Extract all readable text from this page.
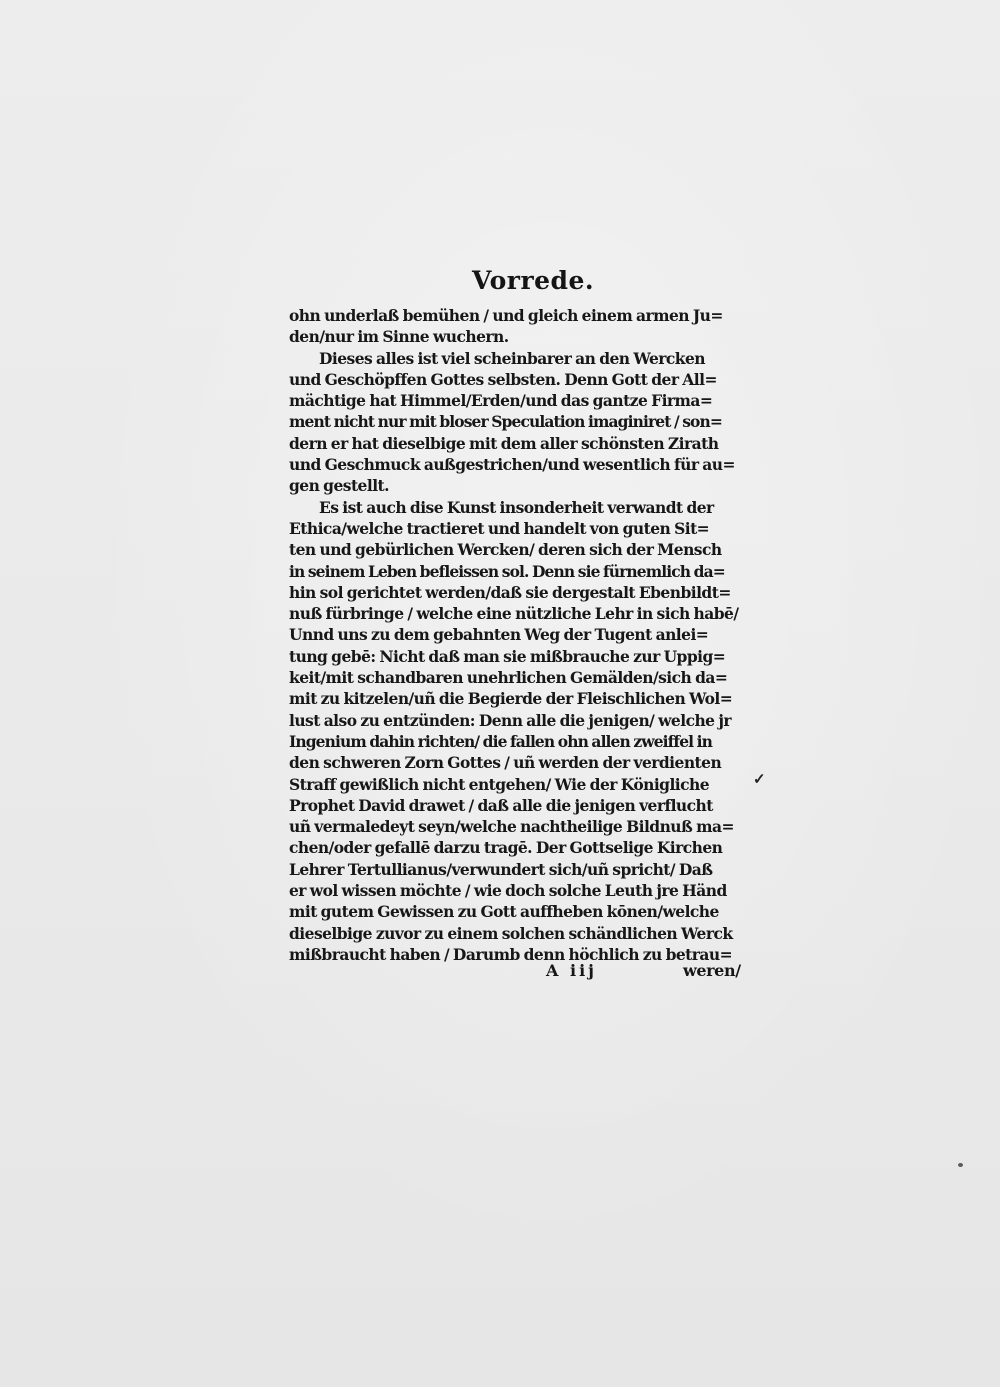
Vorrede.
ohn underlaß bemühen / und gleich einem armen Ju=
den/nur im Sinne wuchern.
Dieses alles ist viel scheinbarer an den Wercken
und Geschöpffen Gottes selbsten. Denn Gott der All=
mächtige hat Himmel/Erden/und das gantze Firma=
ment nicht nur mit bloser Speculation imaginiret / son=
dern er hat dieselbige mit dem aller schönsten Zirath
und Geschmuck außgestrichen/und wesentlich für au=
gen gestellt.
Es ist auch dise Kunst insonderheit verwandt der
Ethica/welche tractieret und handelt von guten Sit=
ten und gebürlichen Wercken/ deren sich der Mensch
in seinem Leben befleissen sol. Denn sie fürnemlich da=
hin sol gerichtet werden/daß sie dergestalt Ebenbildt=
nuß fürbringe / welche eine nützliche Lehr in sich habē/
Unnd uns zu dem gebahnten Weg der Tugent anlei=
tung gebē: Nicht daß man sie mißbrauche zur Uppig=
keit/mit schandbaren unehrlichen Gemälden/sich da=
mit zu kitzelen/uñ die Begierde der Fleischlichen Wol=
lust also zu entzünden: Denn alle die jenigen/ welche jr
Ingenium dahin richten/ die fallen ohn allen zweiffel in
den schweren Zorn Gottes / uñ werden der verdienten
Straff gewißlich nicht entgehen/ Wie der Königliche
Prophet David drawet / daß alle die jenigen verflucht
uñ vermaledeyt seyn/welche nachtheilige Bildnuß ma=
chen/oder gefallē darzu tragē. Der Gottselige Kirchen
Lehrer Tertullianus/verwundert sich/uñ spricht/ Daß
er wol wissen möchte / wie doch solche Leuth jre Händ
mit gutem Gewissen zu Gott auffheben kōnen/welche
dieselbige zuvor zu einem solchen schändlichen Werck
mißbraucht haben / Darumb denn höchlich zu betrau=
✓
A iij	weren/
